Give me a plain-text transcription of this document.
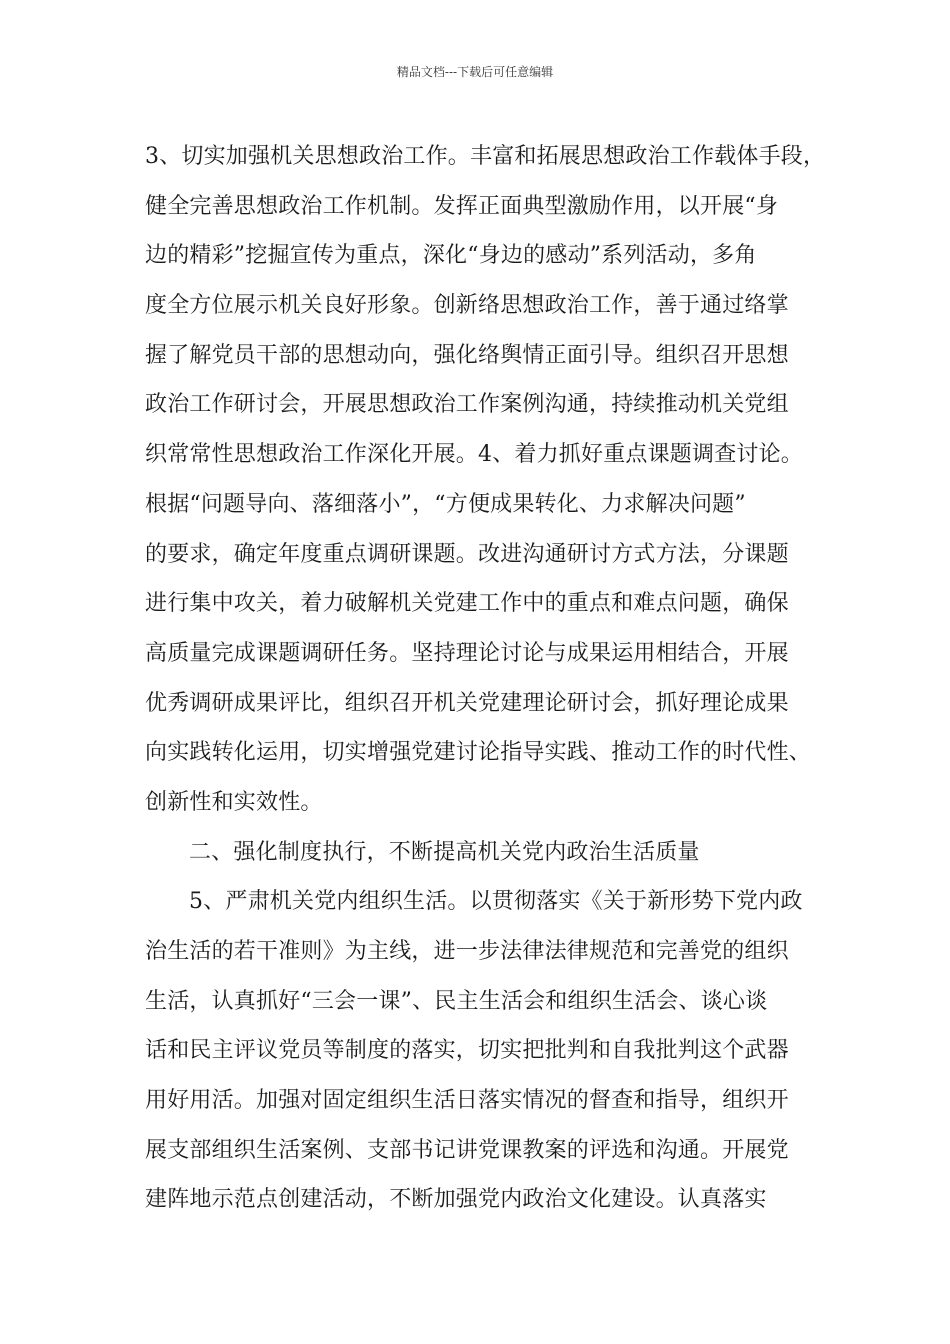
精品文档---下载后可任意编辑
3、切实加强机关思想政治工作。丰富和拓展思想政治工作载体手段，
健全完善思想政治工作机制。发挥正面典型激励作用，以开展“身
边的精彩”挖掘宣传为重点，深化“身边的感动”系列活动，多角
度全方位展示机关良好形象。创新络思想政治工作，善于通过络掌
握了解党员干部的思想动向，强化络舆情正面引导。组织召开思想
政治工作研讨会，开展思想政治工作案例沟通，持续推动机关党组
织常常性思想政治工作深化开展。4、着力抓好重点课题调查讨论。
根据“问题导向、落细落小”，“方便成果转化、力求解决问题”
的要求，确定年度重点调研课题。改进沟通研讨方式方法，分课题
进行集中攻关，着力破解机关党建工作中的重点和难点问题，确保
高质量完成课题调研任务。坚持理论讨论与成果运用相结合，开展
优秀调研成果评比，组织召开机关党建理论研讨会，抓好理论成果
向实践转化运用，切实增强党建讨论指导实践、推动工作的时代性、
创新性和实效性。
二、强化制度执行，不断提高机关党内政治生活质量
5、严肃机关党内组织生活。以贯彻落实《关于新形势下党内政
治生活的若干准则》为主线，进一步法律法律规范和完善党的组织
生活，认真抓好“三会一课”、民主生活会和组织生活会、谈心谈
话和民主评议党员等制度的落实，切实把批判和自我批判这个武器
用好用活。加强对固定组织生活日落实情况的督查和指导，组织开
展支部组织生活案例、支部书记讲党课教案的评选和沟通。开展党
建阵地示范点创建活动，不断加强党内政治文化建设。认真落实
